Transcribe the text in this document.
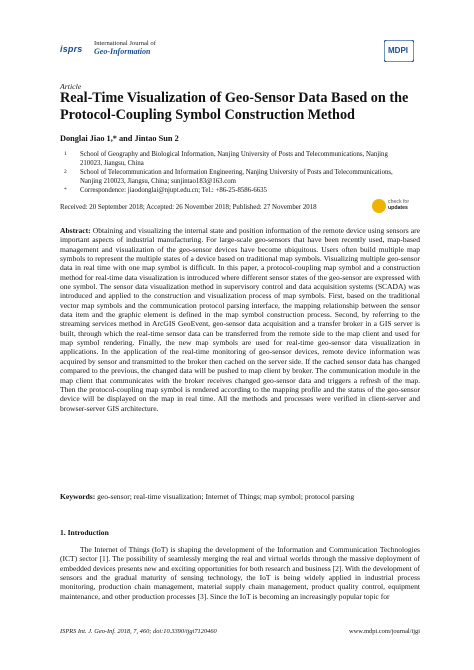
isprs
International Journal of
Geo-Information	MDPI
Article
Real-Time Visualization of Geo-Sensor Data Based on the Protocol-Coupling Symbol Construction Method
Donglai Jiao 1,* and Jintao Sun 2
1 School of Geography and Biological Information, Nanjing University of Posts and Telecommunications, Nanjing 210023, Jiangsu, China
2 School of Telecommunication and Information Engineering, Nanjing University of Posts and Telecommunications, Nanjing 210023, Jiangsu, China; sunjintao183@163.com
* Correspondence: jiaodonglai@njupt.edu.cn; Tel.: +86-25-8586-6635
Received: 20 September 2018; Accepted: 26 November 2018; Published: 27 November 2018
check for
updates
Abstract: Obtaining and visualizing the internal state and position information of the remote device using sensors are important aspects of industrial manufacturing. For large-scale geo-sensors that have been recently used, map-based management and visualization of the geo-sensor devices have become ubiquitous. Users often build multiple map symbols to represent the multiple states of a device based on traditional map symbols. Visualizing multiple geo-sensor data in real time with one map symbol is difficult. In this paper, a protocol-coupling map symbol and a construction method for real-time data visualization is introduced where different sensor states of the geo-sensor are expressed with one symbol. The sensor data visualization method in supervisory control and data acquisition systems (SCADA) was introduced and applied to the construction and visualization process of map symbols. First, based on the traditional vector map symbols and the communication protocol parsing interface, the mapping relationship between the sensor data item and the graphic element is defined in the map symbol construction process. Second, by referring to the streaming services method in ArcGIS GeoEvent, geo-sensor data acquisition and a transfer broker in a GIS server is built, through which the real-time sensor data can be transferred from the remote side to the map client and used for map symbol rendering. Finally, the new map symbols are used for real-time geo-sensor data visualization in applications. In the application of the real-time monitoring of geo-sensor devices, remote device information was acquired by sensor and transmitted to the broker then cached on the server side. If the cached sensor data has changed compared to the previous, the changed data will be pushed to map client by broker. The communication module in the map client that communicates with the broker receives changed geo-sensor data and triggers a refresh of the map. Then the protocol-coupling map symbol is rendered according to the mapping profile and the status of the geo-sensor device will be displayed on the map in real time. All the methods and processes were verified in client-server and browser-server GIS architecture.
Keywords: geo-sensor; real-time visualization; Internet of Things; map symbol; protocol parsing
1. Introduction
The Internet of Things (IoT) is shaping the development of the Information and Communication Technologies (ICT) sector [1]. The possibility of seamlessly merging the real and virtual worlds through the massive deployment of embedded devices presents new and exciting opportunities for both research and business [2]. With the development of sensors and the gradual maturity of sensing technology, the IoT is being widely applied in industrial process monitoring, production chain management, material supply chain management, product quality control, equipment maintenance, and other production processes [3]. Since the IoT is becoming an increasingly popular topic for
ISPRS Int. J. Geo-Inf. 2018, 7, 460; doi:10.3390/ijgi7120460	www.mdpi.com/journal/ijgi
